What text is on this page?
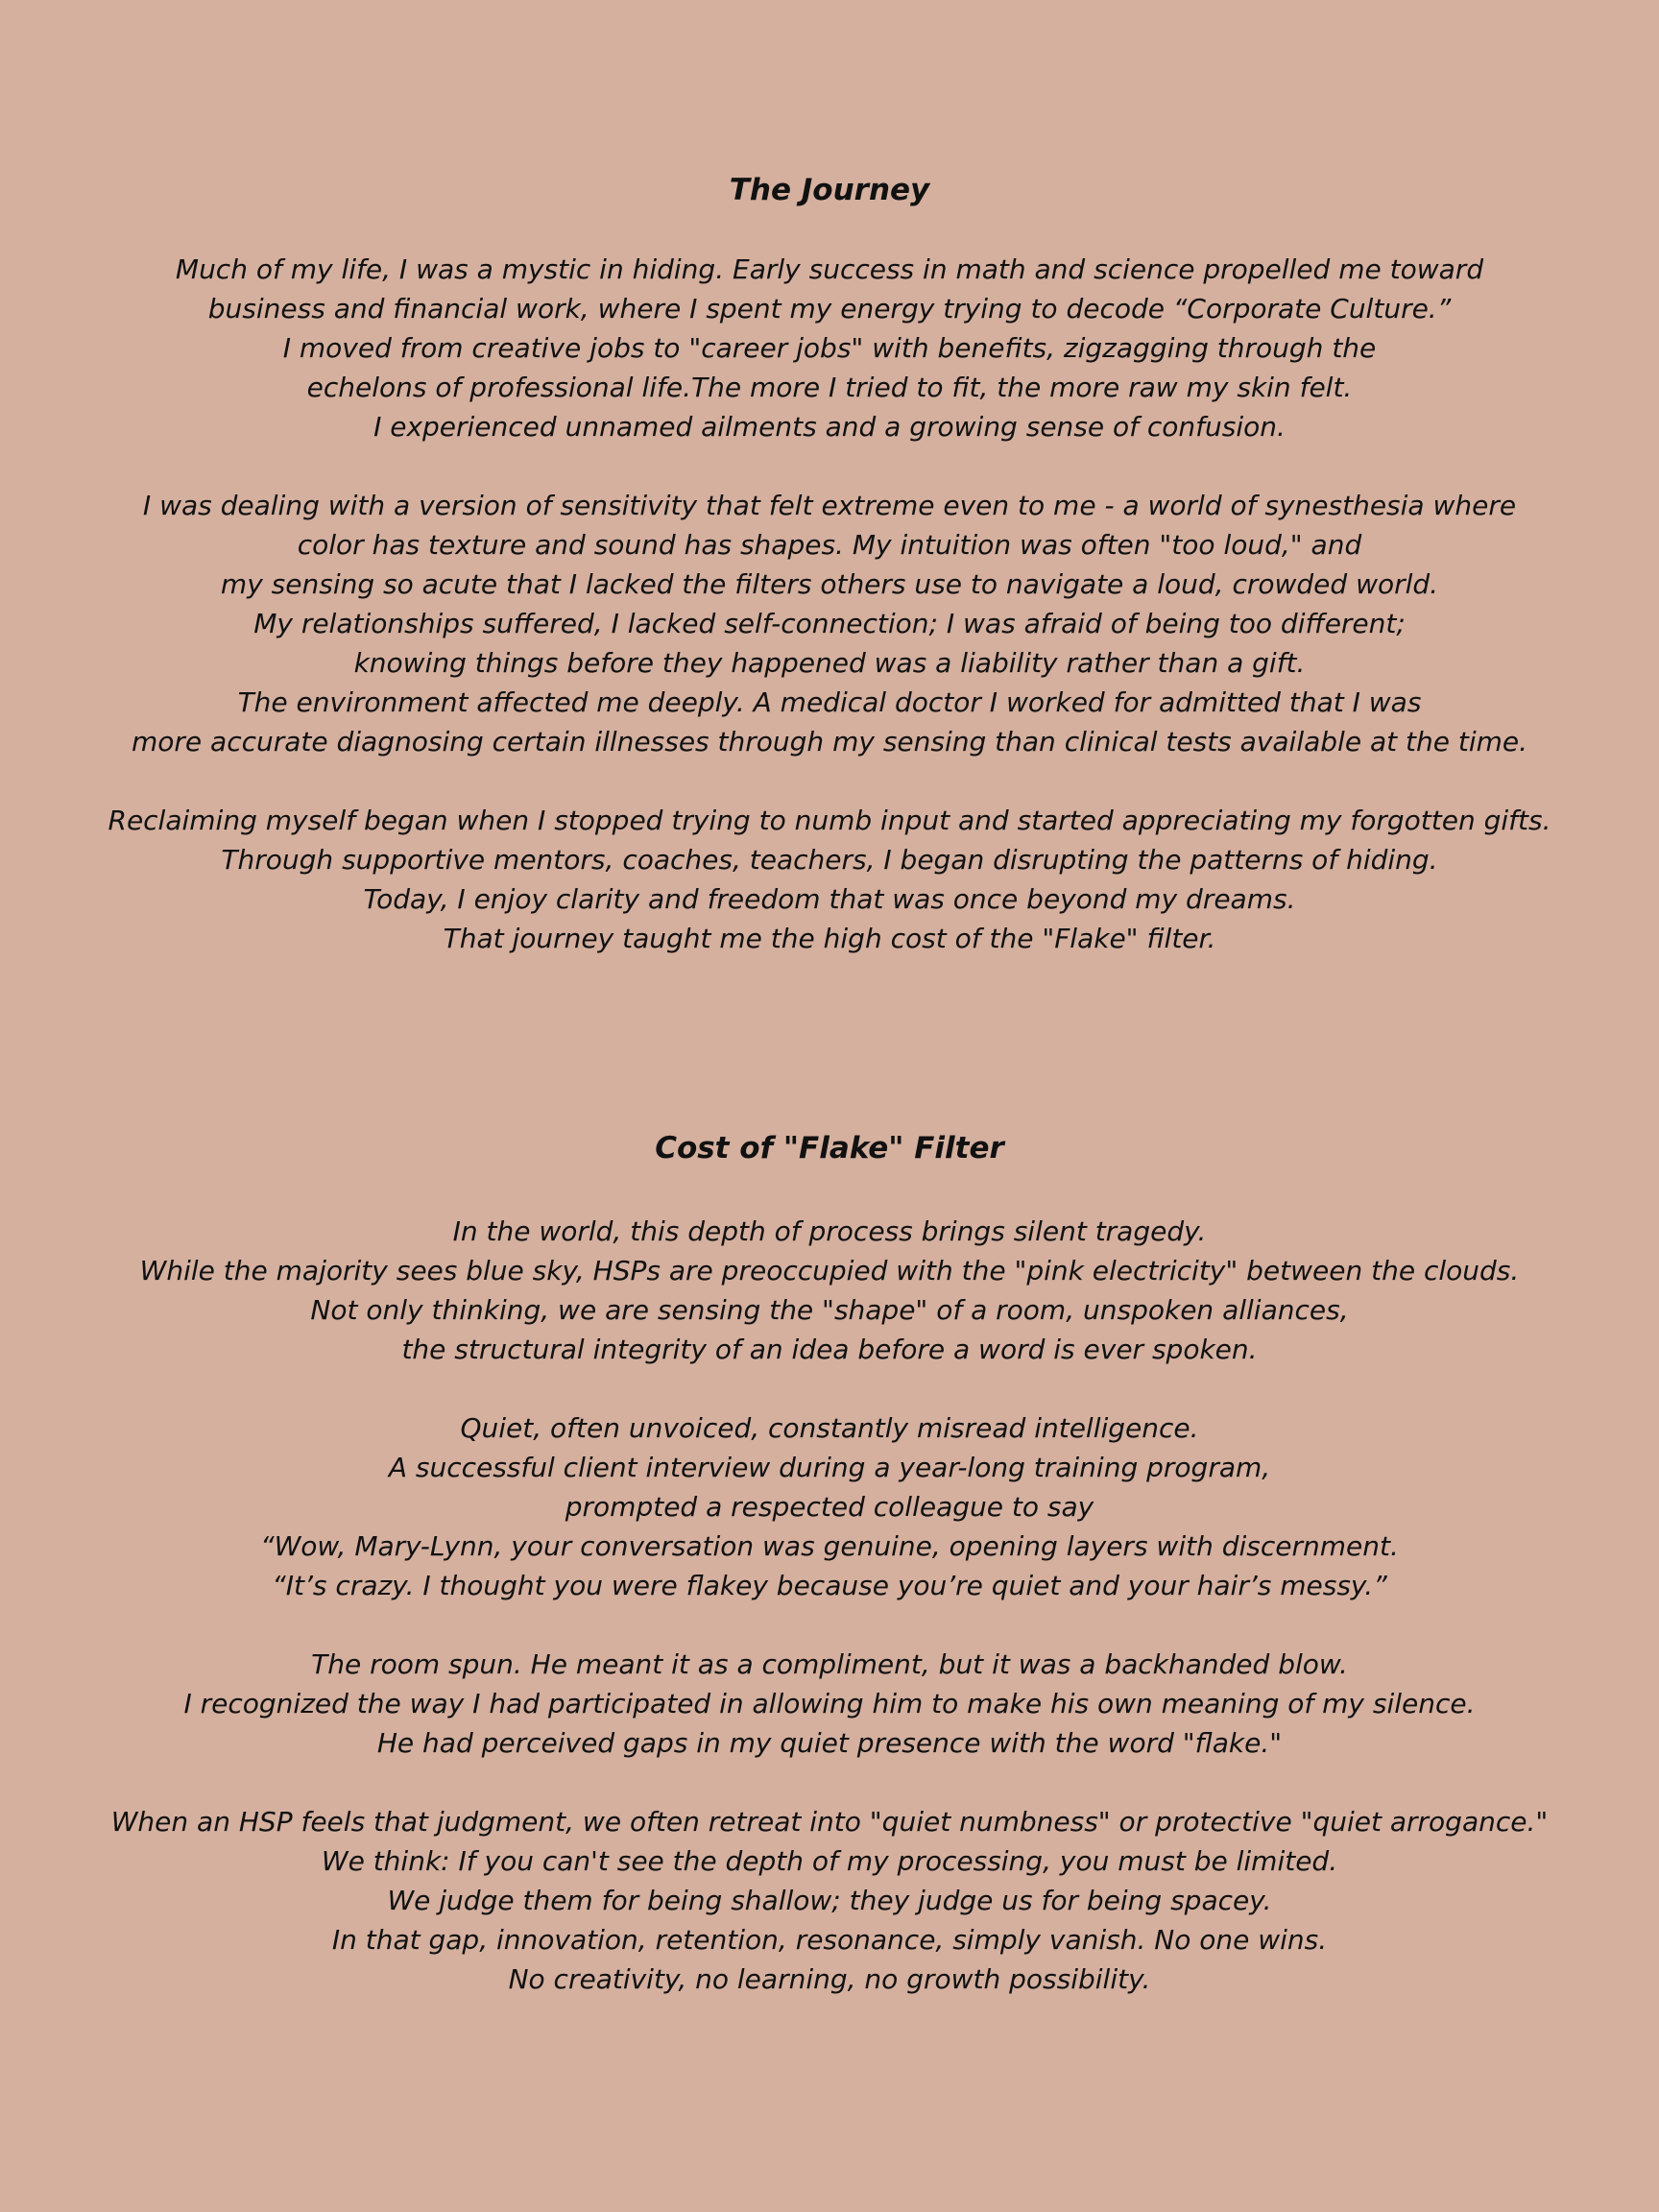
The Journey

Much of my life, I was a mystic in hiding. Early success in math and science propelled me toward
business and financial work, where I spent my energy trying to decode “Corporate Culture.”
I moved from creative jobs to "career jobs" with benefits, zigzagging through the
echelons of professional life.The more I tried to fit, the more raw my skin felt.
I experienced unnamed ailments and a growing sense of confusion.

I was dealing with a version of sensitivity that felt extreme even to me - a world of synesthesia where
color has texture and sound has shapes. My intuition was often "too loud," and
my sensing so acute that I lacked the filters others use to navigate a loud, crowded world.
My relationships suffered, I lacked self-connection; I was afraid of being too different;
knowing things before they happened was a liability rather than a gift.
The environment affected me deeply. A medical doctor I worked for admitted that I was
more accurate diagnosing certain illnesses through my sensing than clinical tests available at the time.

Reclaiming myself began when I stopped trying to numb input and started appreciating my forgotten gifts.
Through supportive mentors, coaches, teachers, I began disrupting the patterns of hiding.
Today, I enjoy clarity and freedom that was once beyond my dreams.
That journey taught me the high cost of the "Flake" filter.

Cost of "Flake" Filter

In the world, this depth of process brings silent tragedy.
While the majority sees blue sky, HSPs are preoccupied with the "pink electricity" between the clouds.
Not only thinking, we are sensing the "shape" of a room, unspoken alliances,
the structural integrity of an idea before a word is ever spoken.

Quiet, often unvoiced, constantly misread intelligence.
A successful client interview during a year-long training program,
prompted a respected colleague to say
“Wow, Mary-Lynn, your conversation was genuine, opening layers with discernment.
“It’s crazy. I thought you were flakey because you’re quiet and your hair’s messy.”

The room spun. He meant it as a compliment, but it was a backhanded blow.
I recognized the way I had participated in allowing him to make his own meaning of my silence.
He had perceived gaps in my quiet presence with the word "flake."

When an HSP feels that judgment, we often retreat into "quiet numbness" or protective "quiet arrogance."
We think: If you can't see the depth of my processing, you must be limited.
We judge them for being shallow; they judge us for being spacey.
In that gap, innovation, retention, resonance, simply vanish. No one wins.
No creativity, no learning, no growth possibility.
